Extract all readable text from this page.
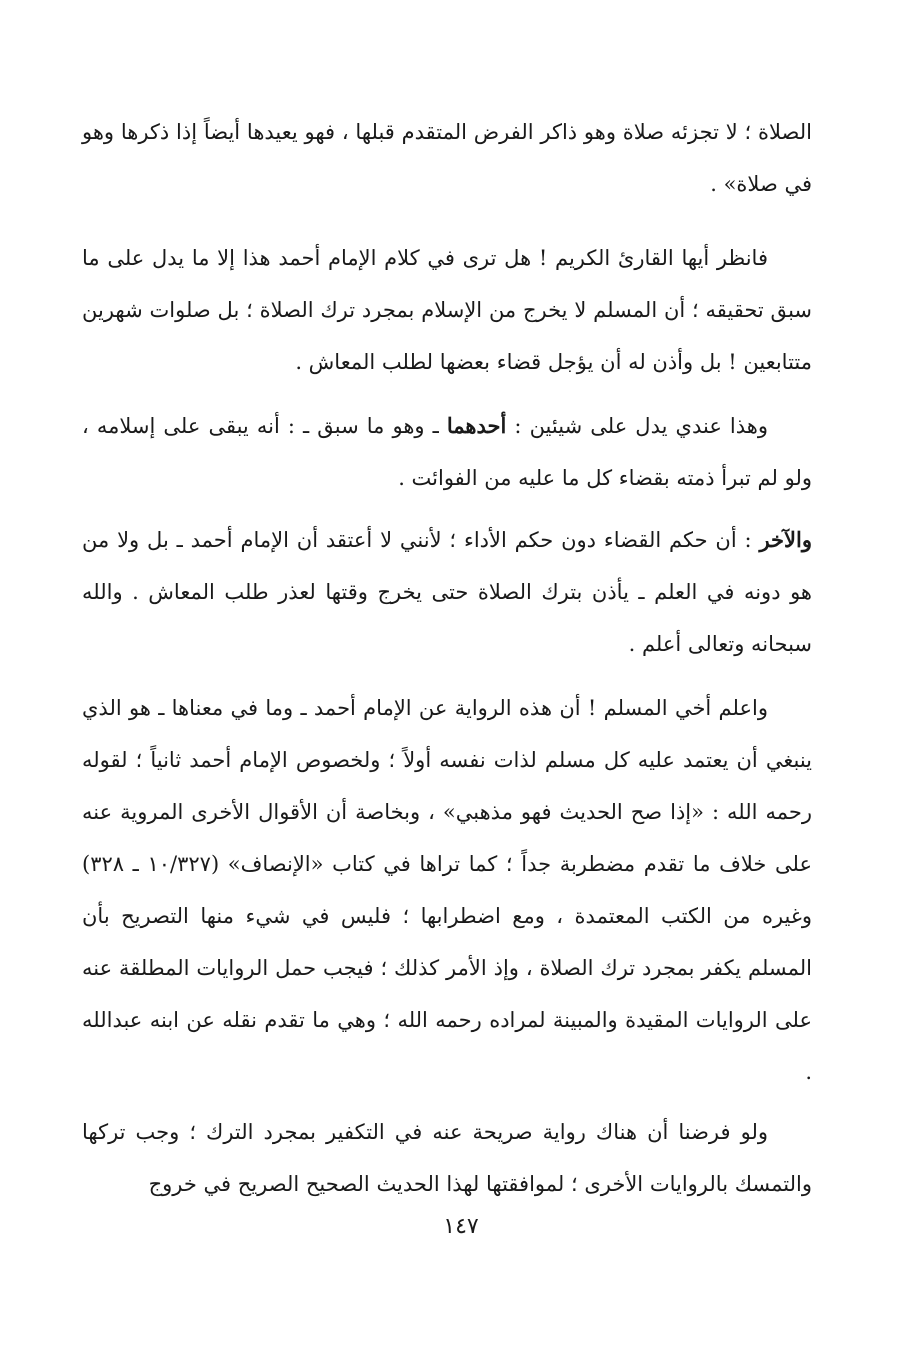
الصلاة ؛ لا تجزئه صلاة وهو ذاكر الفرض المتقدم قبلها ، فهو يعيدها أيضاً إذا ذكرها وهو في صلاة» .

فانظر أيها القارئ الكريم ! هل ترى في كلام الإمام أحمد هذا إلا ما يدل على ما سبق تحقيقه ؛ أن المسلم لا يخرج من الإسلام بمجرد ترك الصلاة ؛ بل صلوات شهرين متتابعين ! بل وأذن له أن يؤجل قضاء بعضها لطلب المعاش .

وهذا عندي يدل على شيئين : أحدهما ـ وهو ما سبق ـ : أنه يبقى على إسلامه ، ولو لم تبرأ ذمته بقضاء كل ما عليه من الفوائت .

والآخر : أن حكم القضاء دون حكم الأداء ؛ لأنني لا أعتقد أن الإمام أحمد ـ بل ولا من هو دونه في العلم ـ يأذن بترك الصلاة حتى يخرج وقتها لعذر طلب المعاش . والله سبحانه وتعالى أعلم .

واعلم أخي المسلم ! أن هذه الرواية عن الإمام أحمد ـ وما في معناها ـ هو الذي ينبغي أن يعتمد عليه كل مسلم لذات نفسه أولاً ؛ ولخصوص الإمام أحمد ثانياً ؛ لقوله رحمه الله : «إذا صح الحديث فهو مذهبي» ، وبخاصة أن الأقوال الأخرى المروية عنه على خلاف ما تقدم مضطربة جداً ؛ كما تراها في كتاب «الإنصاف» (١٠/٣٢٧ ـ ٣٢٨) وغيره من الكتب المعتمدة ، ومع اضطرابها ؛ فليس في شيء منها التصريح بأن المسلم يكفر بمجرد ترك الصلاة ، وإذ الأمر كذلك ؛ فيجب حمل الروايات المطلقة عنه على الروايات المقيدة والمبينة لمراده رحمه الله ؛ وهي ما تقدم نقله عن ابنه عبدالله .

ولو فرضنا أن هناك رواية صريحة عنه في التكفير بمجرد الترك ؛ وجب تركها والتمسك بالروايات الأخرى ؛ لموافقتها لهذا الحديث الصحيح الصريح في خروج

١٤٧
